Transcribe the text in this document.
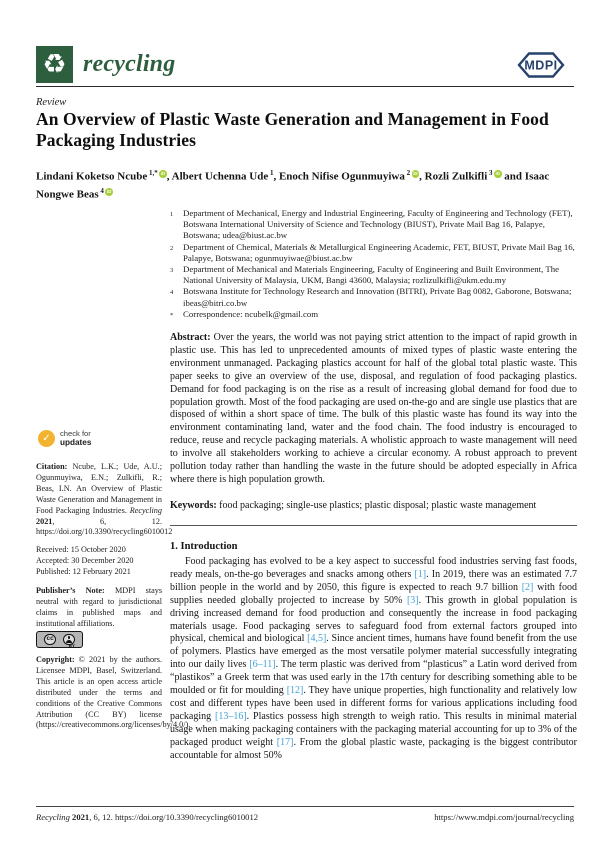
♻ recycling	MDPI
Review
An Overview of Plastic Waste Generation and Management in Food Packaging Industries
Lindani Koketso Ncube $^{1,*}$ iD , Albert Uchenna Ude $^1$, Enoch Nifise Ogunmuyiwa $^2$ iD , Rozli Zulkifli $^3$ iD and Isaac Nongwe Beas $^4$ iD
1	Department of Mechanical, Energy and Industrial Engineering, Faculty of Engineering and Technology (FET), Botswana International University of Science and Technology (BIUST), Private Mail Bag 16, Palapye, Botswana; udea@biust.ac.bw
2	Department of Chemical, Materials & Metallurgical Engineering Academic, FET, BIUST, Private Mail Bag 16, Palapye, Botswana; ogunmuyiwae@biust.ac.bw
3	Department of Mechanical and Materials Engineering, Faculty of Engineering and Built Environment, The National University of Malaysia, UKM, Bangi 43600, Malaysia; rozlizulkifli@ukm.edu.my
4	Botswana Institute for Technology Research and Innovation (BITRI), Private Bag 0082, Gaborone, Botswana; ibeas@bitri.co.bw
*	Correspondence: ncubelk@gmail.com
Abstract: Over the years, the world was not paying strict attention to the impact of rapid growth in plastic use. This has led to unprecedented amounts of mixed types of plastic waste entering the environment unmanaged. Packaging plastics account for half of the global total plastic waste. This paper seeks to give an overview of the use, disposal, and regulation of food packaging plastics. Demand for food packaging is on the rise as a result of increasing global demand for food due to population growth. Most of the food packaging are used on-the-go and are single use plastics that are disposed of within a short space of time. The bulk of this plastic waste has found its way into the environment contaminating land, water and the food chain. The food industry is encouraged to reduce, reuse and recycle packaging materials. A wholistic approach to waste management will need to involve all stakeholders working to achieve a circular economy. A robust approach to prevent pollution today rather than handling the waste in the future should be adopted especially in Africa where there is high population growth.
Keywords: food packaging; single-use plastics; plastic disposal; plastic waste management
1. Introduction
Food packaging has evolved to be a key aspect to successful food industries serving fast foods, ready meals, on-the-go beverages and snacks among others [1]. In 2019, there was an estimated 7.7 billion people in the world and by 2050, this figure is expected to reach 9.7 billion [2] with food supplies needed globally projected to increase by 50% [3]. This growth in global population is driving increased demand for food production and consequently the increase in food packaging materials usage. Food packaging serves to safeguard food from external factors grouped into physical, chemical and biological [4,5]. Since ancient times, humans have found benefit from the use of polymers. Plastics have emerged as the most versatile polymer material successfully integrating into our daily lives [6–11]. The term plastic was derived from “plasticus” a Latin word derived from “plastikos” a Greek term that was used early in the 17th century for describing something able to be moulded or fit for moulding [12]. They have unique properties, high functionality and relatively low cost and different types have been used in different forms for various applications including food packaging [13–16]. Plastics possess high strength to weigh ratio. This results in minimal material usage when making packaging containers with the packaging material accounting for up to 3% of the packaged product weight [17]. From the global plastic waste, packaging is the biggest contributor accountable for almost 50%
✓ check for
updates
Citation: Ncube, L.K.; Ude, A.U.; Ogunmuyiwa, E.N.; Zulkifli, R.; Beas, I.N. An Overview of Plastic Waste Generation and Management in Food Packaging Industries. Recycling 2021, 6, 12. https://doi.org/10.3390/recycling6010012
Received: 15 October 2020
Accepted: 30 December 2020
Published: 12 February 2021
Publisher’s Note: MDPI stays neutral with regard to jurisdictional claims in published maps and institutional affiliations.
cc
BY
Copyright: © 2021 by the authors. Licensee MDPI, Basel, Switzerland. This article is an open access article distributed under the terms and conditions of the Creative Commons Attribution (CC BY) license (https://creativecommons.org/licenses/by/4.0/).
Recycling 2021, 6, 12. https://doi.org/10.3390/recycling6010012	https://www.mdpi.com/journal/recycling
